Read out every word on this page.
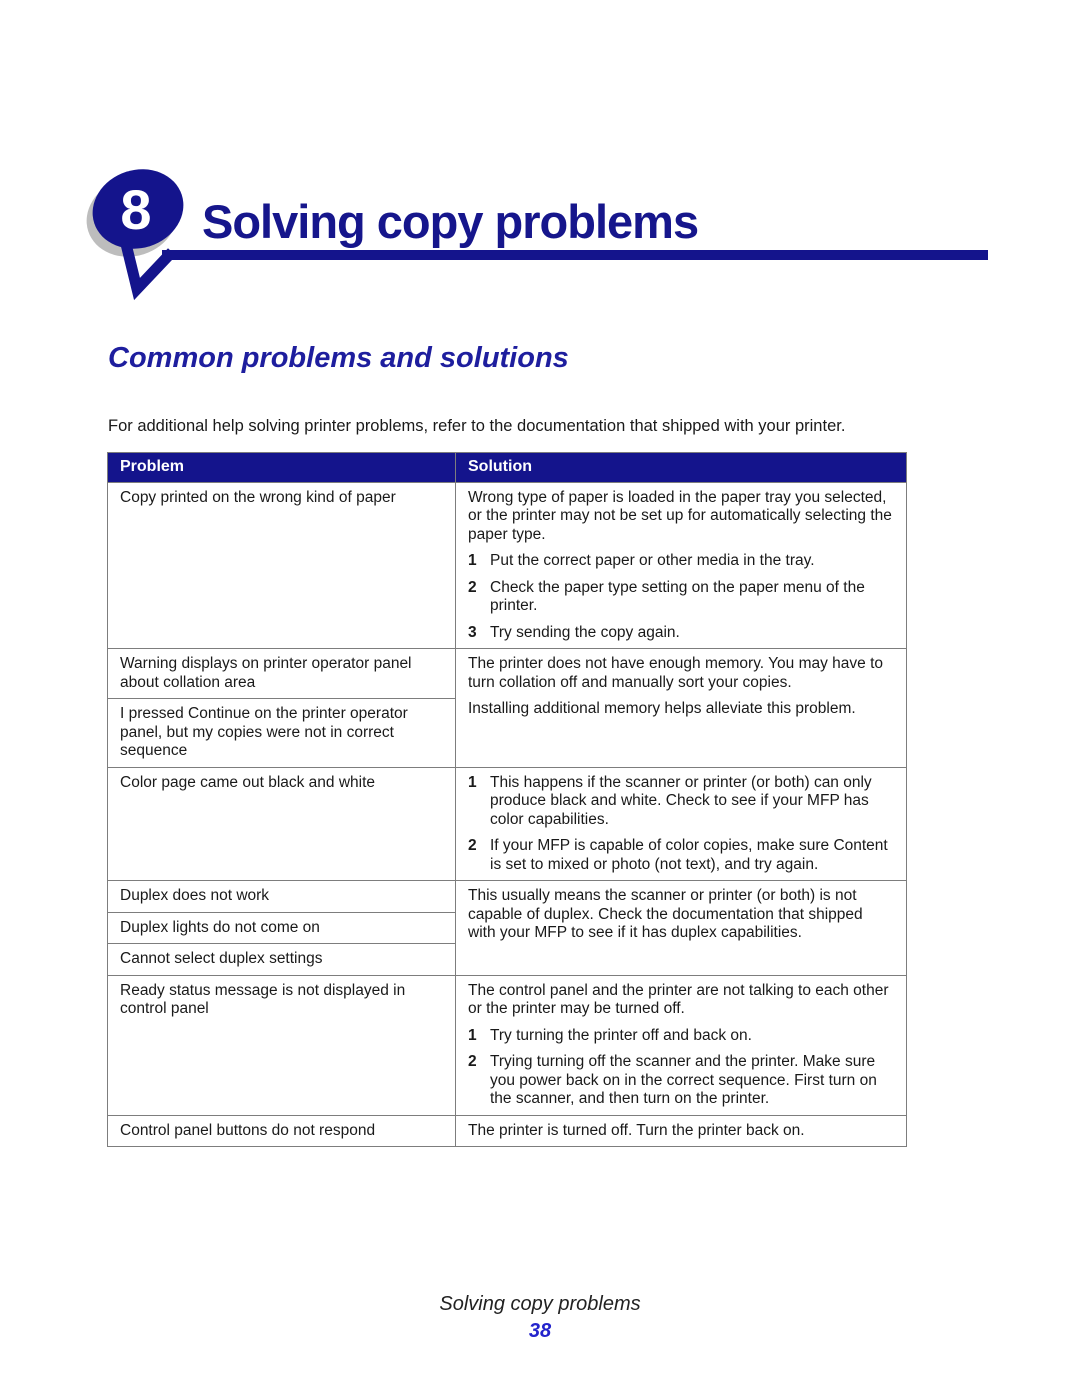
8 Solving copy problems
Common problems and solutions

For additional help solving printer problems, refer to the documentation that shipped with your printer.

Problem	Solution
Copy printed on the wrong kind of paper	Wrong type of paper is loaded in the paper tray you selected, or the printer may not be set up for automatically selecting the paper type.

1 Put the correct paper or other media in the tray.
2 Check the paper type setting on the paper menu of the printer.
3 Try sending the copy again.

Warning displays on printer operator panel about collation area	The printer does not have enough memory. You may have to turn collation off and manually sort your copies.

Installing additional memory helps alleviate this problem.

I pressed Continue on the printer operator panel, but my copies were not in correct sequence	
Color page came out black and white	1 This happens if the scanner or printer (or both) can only produce black and white. Check to see if your MFP has color capabilities.
2 If your MFP is capable of color copies, make sure Content is set to mixed or photo (not text), and try again.

Duplex does not work	This usually means the scanner or printer (or both) is not capable of duplex. Check the documentation that shipped with your MFP to see if it has duplex capabilities.

Duplex lights do not come on	
Cannot select duplex settings	
Ready status message is not displayed in control panel	The control panel and the printer are not talking to each other or the printer may be turned off.

1 Try turning the printer off and back on.
2 Trying turning off the scanner and the printer. Make sure you power back on in the correct sequence. First turn on the scanner, and then turn on the printer.

Control panel buttons do not respond	The printer is turned off. Turn the printer back on.

Solving copy problems
38
